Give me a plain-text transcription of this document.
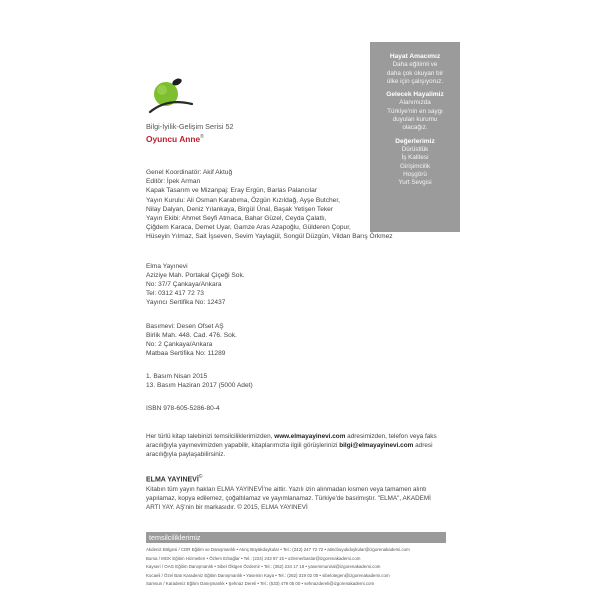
Bilgi-İyilik-Gelişim Serisi 52
Oyuncu Anne®
Genel Koordinatör: Akif Aktuğ
Editör: İpek Arman
Kapak Tasarım ve Mizanpaj: Eray Ergün, Barlas Palancılar
Yayın Kurulu: Ali Osman Karabıma, Özgün Kızıldağ, Ayşe Butcher,
Nilay Dalyan, Deniz Yılankaya, Birgül Ünal, Başak Yetişen Teker
Yayın Ekibi: Ahmet Seyfi Atmaca, Bahar Güzel, Ceyda Çalatlı,
Çiğdem Karaca, Demet Uyar, Gamze Aras Azapoğlu, Gülderen Çopur,
Hüseyin Yılmaz, Sait İşseven, Sevim Yaylagül, Songül Düzgün, Vildan Barış Örkmez
Elma Yayınevi
Aziziye Mah. Portakal Çiçeği Sok.
No: 37/7 Çankaya/Ankara
Tel: 0312 417 72 73
Yayıncı Sertifika No: 12437
Basımevi: Desen Ofset AŞ
Birlik Mah. 448. Cad. 476. Sok.
No: 2 Çankaya/Ankara
Matbaa Sertifika No: 11289
1. Basım Nisan 2015
13. Basım Haziran 2017 (5000 Adet)
ISBN 978-605-5286-80-4
Her türlü kitap talebinizi temsilciliklerimizden, www.elmayayinevi.com adresimizden, telefon veya faks aracılığıyla yayınevimizden yapabilir, kitaplarımızla ilgili görüşlerinizi bilgi@elmayayinevi.com adresi aracılığıyla paylaşabilirsiniz.
ELMA YAYINEVİ©
Kitabın tüm yayın hakları ELMA YAYINEVİ'ne aittir. Yazılı izin alınmadan kısmen veya tamamen alıntı yapılamaz, kopya edilemez, çoğaltılamaz ve yayımlanamaz. Türkiye'de basılmıştır. "ELMA", AKADEMİ ARTI YAY. AŞ'nin bir markasıdır. © 2015, ELMA YAYINEVİ
temsilciliklerimiz
Akdeniz Bölgesi / CDR Eğitim ve Danışmanlık • Atınç Büyükduykular • Tel.: (242) 247 72 72 • atincbuyukduykular@izgorenakademi.com
Bursa / MGK Eğitim Hizmetleri • Özlem Erbağlar • Tel.: (224) 243 87 15 • ozlemerbaslar@izgorenakademi.com
Kayseri / OAG Eğitim Danışmanlık • Sibel Öktgen Özdemir • Tel.: (352) 234 17 18 • yasemmuniral@izgorenakademi.com
Kocaeli / Özel Batı Karadeniz Eğitim Danışmanlık • Yasemin Kaya • Tel.: (262) 319 02 00 • sibelotegen@izgorenakademi.com
Samsun / Karadeniz Eğitim Danışmanlık • Şehnaz Dereli • Tel.: (533) 479 05 00 • sehnazdereli@izgorenakademi.com
Hayat Amacımız
Daha eğitimli ve
daha çok okuyan bir
ülke için çalışıyoruz.
Gelecek Hayalimiz
Alanımızda
Türkiye'nin en saygı
duyulan kurumu
olacağız.
Değerlerimiz
Dürüstlük
İş Kalitesi
Girişimcilik
Hoşgörü
Yurt Sevgisi
